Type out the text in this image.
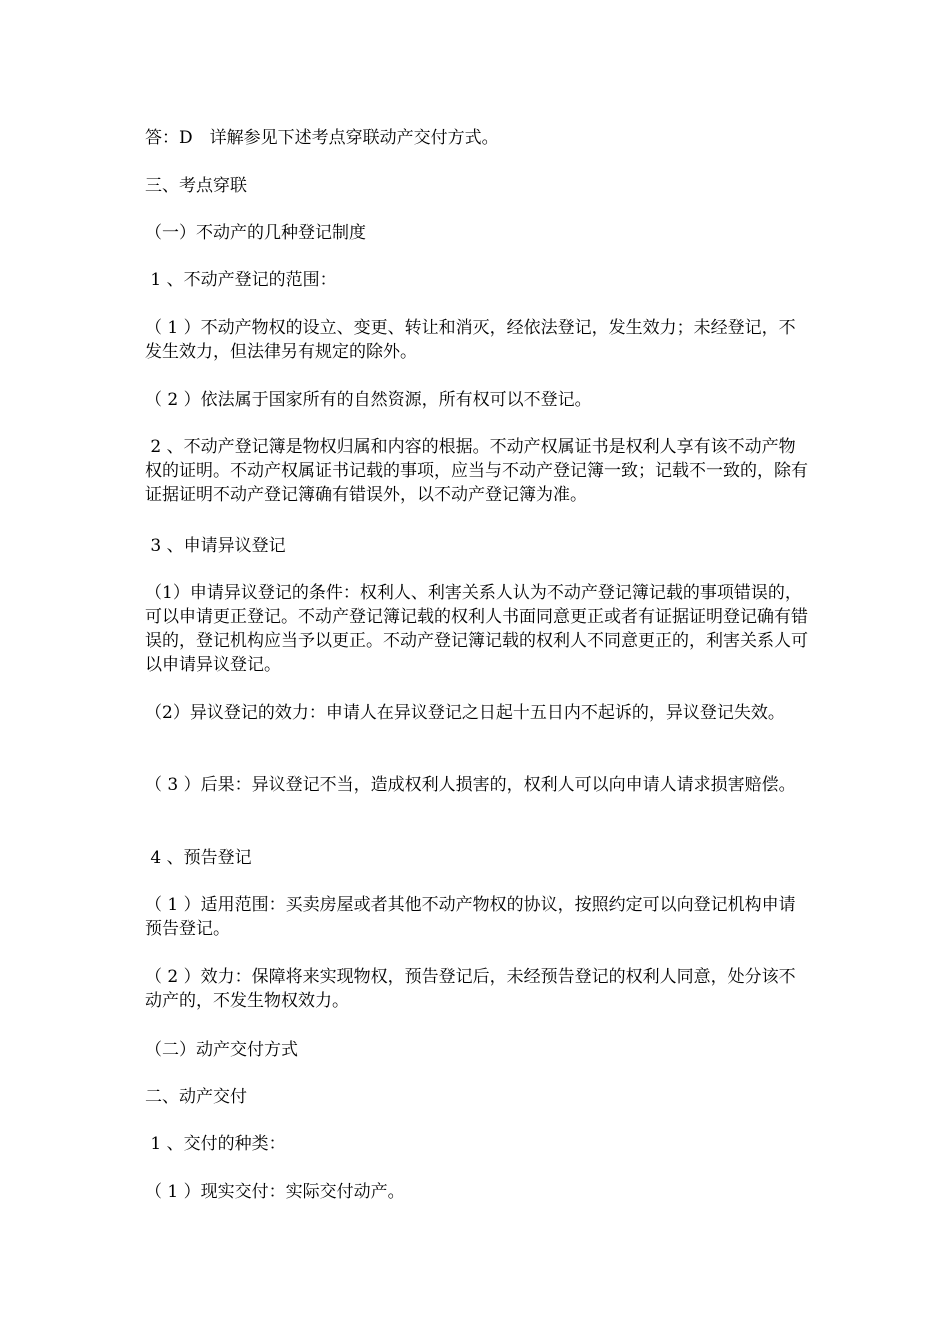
答：D　详解参见下述考点穿联动产交付方式。

三、考点穿联

（一）不动产的几种登记制度

1 、不动产登记的范围：

（ 1 ）不动产物权的设立、变更、转让和消灭，经依法登记，发生效力；未经登记，不发生效力，但法律另有规定的除外。

（ 2 ）依法属于国家所有的自然资源，所有权可以不登记。

2 、不动产登记簿是物权归属和内容的根据。不动产权属证书是权利人享有该不动产物权的证明。不动产权属证书记载的事项，应当与不动产登记簿一致；记载不一致的，除有证据证明不动产登记簿确有错误外，以不动产登记簿为准。

3 、申请异议登记

（1）申请异议登记的条件：权利人、利害关系人认为不动产登记簿记载的事项错误的，可以申请更正登记。不动产登记簿记载的权利人书面同意更正或者有证据证明登记确有错误的，登记机构应当予以更正。不动产登记簿记载的权利人不同意更正的，利害关系人可以申请异议登记。

（2）异议登记的效力：申请人在异议登记之日起十五日内不起诉的，异议登记失效。

（ 3 ）后果：异议登记不当，造成权利人损害的，权利人可以向申请人请求损害赔偿。

4 、预告登记

（ 1 ）适用范围：买卖房屋或者其他不动产物权的协议，按照约定可以向登记机构申请预告登记。

（ 2 ）效力：保障将来实现物权，预告登记后，未经预告登记的权利人同意，处分该不动产的，不发生物权效力。

（二）动产交付方式

二、动产交付

1 、交付的种类：

（ 1 ）现实交付：实际交付动产。
